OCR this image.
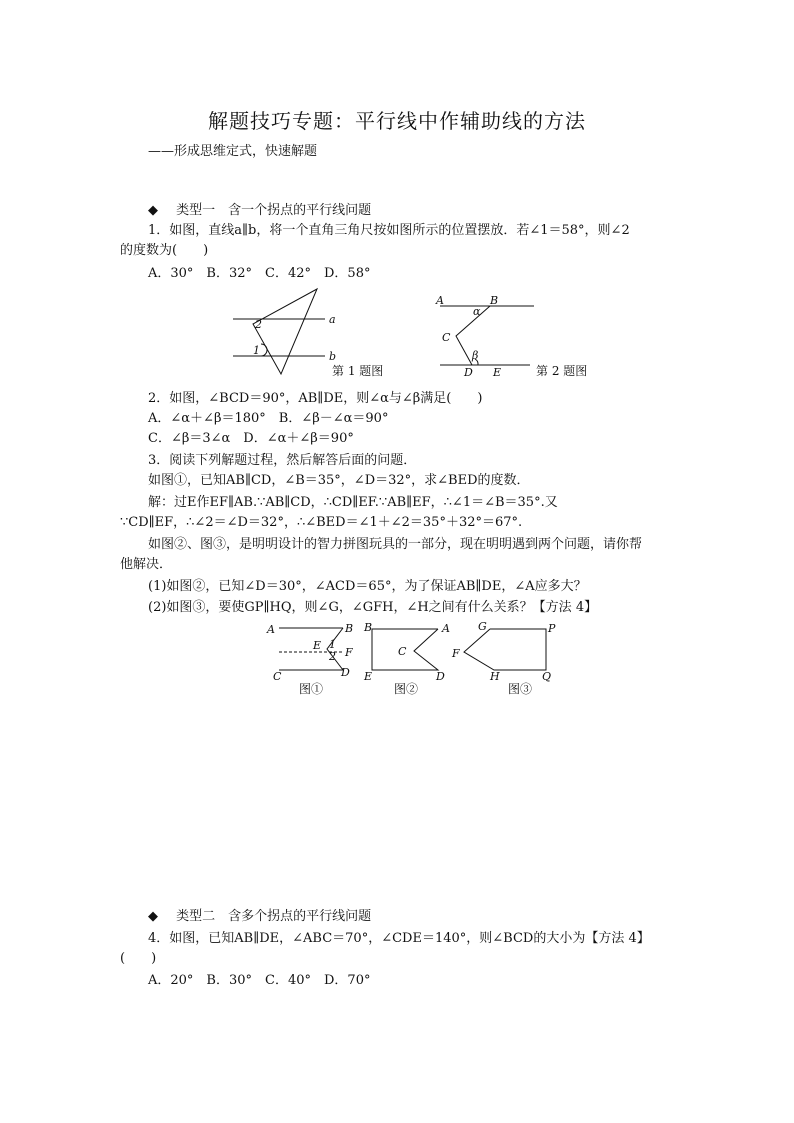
解题技巧专题：平行线中作辅助线的方法
——形成思维定式，快速解题
◆ 类型一　含一个拐点的平行线问题
1．如图，直线a∥b，将一个直角三角尺按如图所示的位置摆放．若∠1＝58°，则∠2
的度数为(　　)
A．30°　B．32°　C．42°　D．58°
a
b
1
2
第 1 题图
A	B
α
C
β
D E	第 2 题图
2．如图，∠BCD＝90°，AB∥DE，则∠α与∠β满足(　　)
A．∠α＋∠β＝180°　B．∠β－∠α＝90°
C．∠β＝3∠α　D．∠α＋∠β＝90°
3．阅读下列解题过程，然后解答后面的问题．
如图①，已知AB∥CD，∠B＝35°，∠D＝32°，求∠BED的度数．
解：过E作EF∥AB.∵AB∥CD，∴CD∥EF.∵AB∥EF，∴∠1＝∠B＝35°.又
∵CD∥EF，∴∠2＝∠D＝32°，∴∠BED＝∠1＋∠2＝35°＋32°＝67°.
如图②、图③，是明明设计的智力拼图玩具的一部分，现在明明遇到两个问题，请你帮
他解决．
(1)如图②，已知∠D＝30°，∠ACD＝65°，为了保证AB∥DE，∠A应多大？
(2)如图③，要使GP∥HQ，则∠G，∠GFH，∠H之间有什么关系？【方法 4】
A	B
E 1
2 F
C	D
图①
B	A
C
E	D
图②
G	P
F
H	Q
图③
◆ 类型二　含多个拐点的平行线问题
4．如图，已知AB∥DE，∠ABC＝70°，∠CDE＝140°，则∠BCD的大小为【方法 4】
(　　)
A．20°　B．30°　C．40°　D．70°
